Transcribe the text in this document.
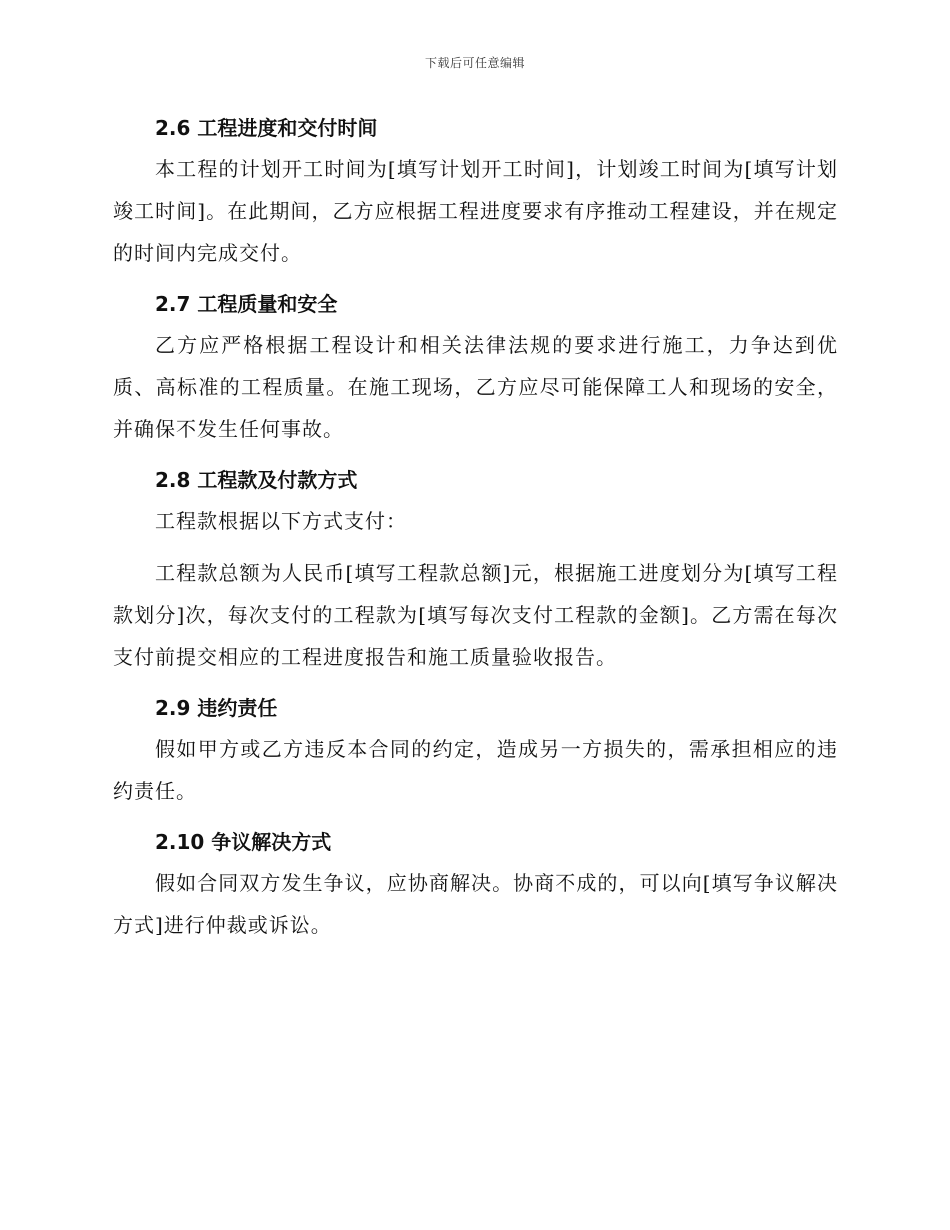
下载后可任意编辑

2.6 工程进度和交付时间

本工程的计划开工时间为[填写计划开工时间]，计划竣工时间为[填写计划竣工时间]。在此期间，乙方应根据工程进度要求有序推动工程建设，并在规定的时间内完成交付。

2.7 工程质量和安全

乙方应严格根据工程设计和相关法律法规的要求进行施工，力争达到优质、高标准的工程质量。在施工现场，乙方应尽可能保障工人和现场的安全，并确保不发生任何事故。

2.8 工程款及付款方式

工程款根据以下方式支付：

工程款总额为人民币[填写工程款总额]元，根据施工进度划分为[填写工程款划分]次，每次支付的工程款为[填写每次支付工程款的金额]。乙方需在每次支付前提交相应的工程进度报告和施工质量验收报告。

2.9 违约责任

假如甲方或乙方违反本合同的约定，造成另一方损失的，需承担相应的违约责任。

2.10 争议解决方式

假如合同双方发生争议，应协商解决。协商不成的，可以向[填写争议解决方式]进行仲裁或诉讼。
